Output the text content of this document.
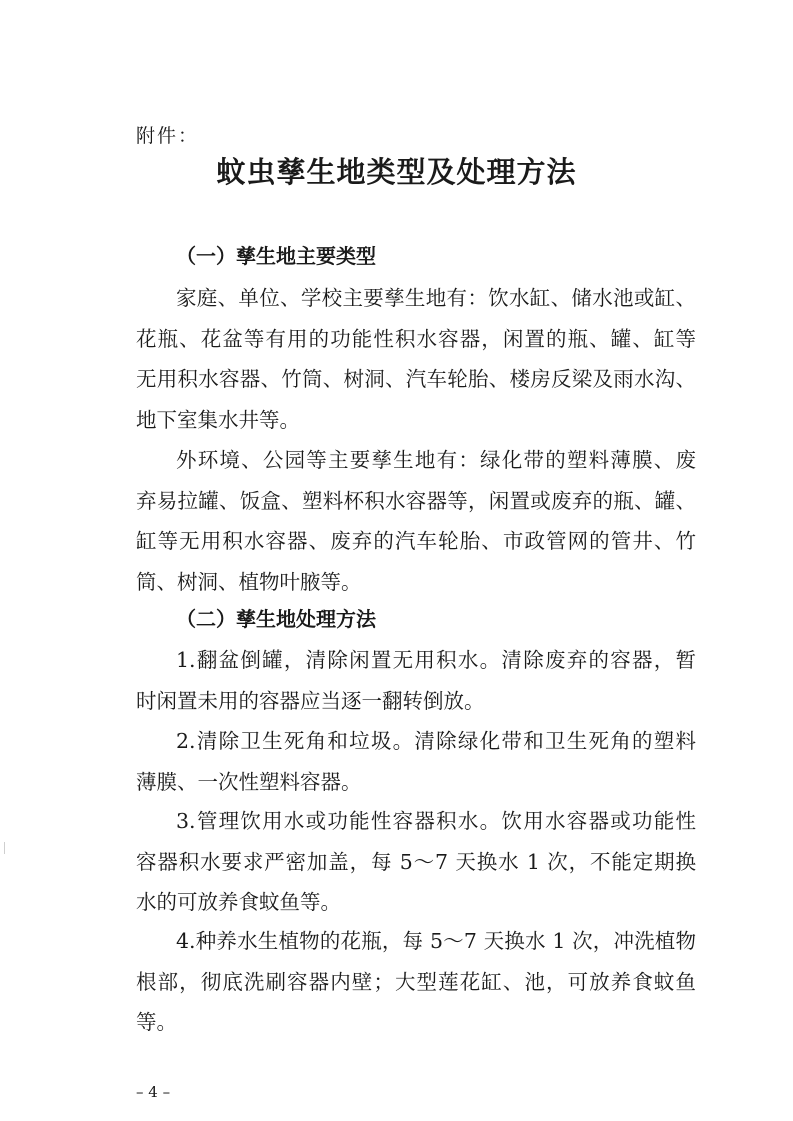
附件：
蚊虫孳生地类型及处理方法
（一）孳生地主要类型
家庭、单位、学校主要孳生地有：饮水缸、储水池或缸、
花瓶、花盆等有用的功能性积水容器，闲置的瓶、罐、缸等
无用积水容器、竹筒、树洞、汽车轮胎、楼房反梁及雨水沟、
地下室集水井等。
外环境、公园等主要孳生地有：绿化带的塑料薄膜、废
弃易拉罐、饭盒、塑料杯积水容器等，闲置或废弃的瓶、罐、
缸等无用积水容器、废弃的汽车轮胎、市政管网的管井、竹
筒、树洞、植物叶腋等。
（二）孳生地处理方法
1.翻盆倒罐，清除闲置无用积水。清除废弃的容器，暂
时闲置未用的容器应当逐一翻转倒放。
2.清除卫生死角和垃圾。清除绿化带和卫生死角的塑料
薄膜、一次性塑料容器。
3.管理饮用水或功能性容器积水。饮用水容器或功能性
容器积水要求严密加盖，每 5～7 天换水 1 次，不能定期换
水的可放养食蚊鱼等。
4.种养水生植物的花瓶，每 5～7 天换水 1 次，冲洗植物
根部，彻底洗刷容器内壁；大型莲花缸、池，可放养食蚊鱼
等。
– 4 –
